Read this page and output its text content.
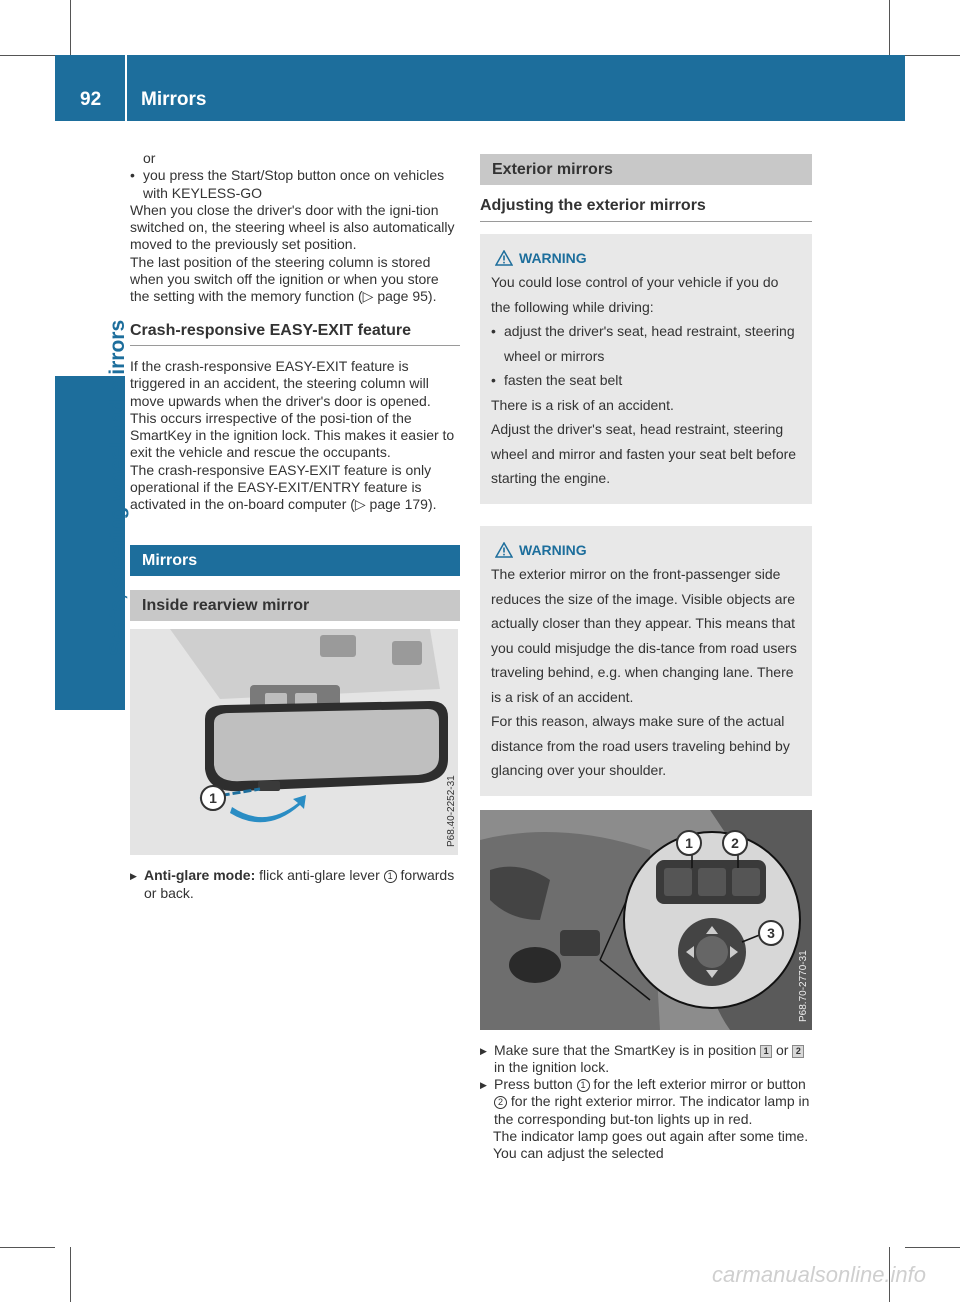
92 Mirrors
Seats, steering wheel and mirrors

or

• you press the Start/Stop button once on vehicles with KEYLESS-GO

When you close the driver's door with the igni-tion switched on, the steering wheel is also automatically moved to the previously set position.

The last position of the steering column is stored when you switch off the ignition or when you store the setting with the memory function (▷ page 95).

Crash-responsive EASY-EXIT feature

If the crash-responsive EASY-EXIT feature is triggered in an accident, the steering column will move upwards when the driver's door is opened. This occurs irrespective of the posi-tion of the SmartKey in the ignition lock. This makes it easier to exit the vehicle and rescue the occupants.

The crash-responsive EASY-EXIT feature is only operational if the EASY-EXIT/ENTRY feature is activated in the on-board computer (▷ page 179).

Mirrors
Inside rearview mirror
1	P68.40-2252-31

▶ Anti-glare mode: flick anti-glare lever 1 forwards or back.

Exterior mirrors
Adjusting the exterior mirrors
WARNING

You could lose control of your vehicle if you do the following while driving:

• adjust the driver's seat, head restraint, steering wheel or mirrors

• fasten the seat belt

There is a risk of an accident.

Adjust the driver's seat, head restraint, steering wheel and mirror and fasten your seat belt before starting the engine.

WARNING

The exterior mirror on the front-passenger side reduces the size of the image. Visible objects are actually closer than they appear. This means that you could misjudge the dis-tance from road users traveling behind, e.g. when changing lane. There is a risk of an accident.

For this reason, always make sure of the actual distance from the road users traveling behind by glancing over your shoulder.

1	2
3
P68.70-2770-31

▶ Make sure that the SmartKey is in position 1 or 2 in the ignition lock.

▶ Press button 1 for the left exterior mirror or button 2 for the right exterior mirror. The indicator lamp in the corresponding but-ton lights up in red.

The indicator lamp goes out again after some time. You can adjust the selected

carmanualsonline.info
